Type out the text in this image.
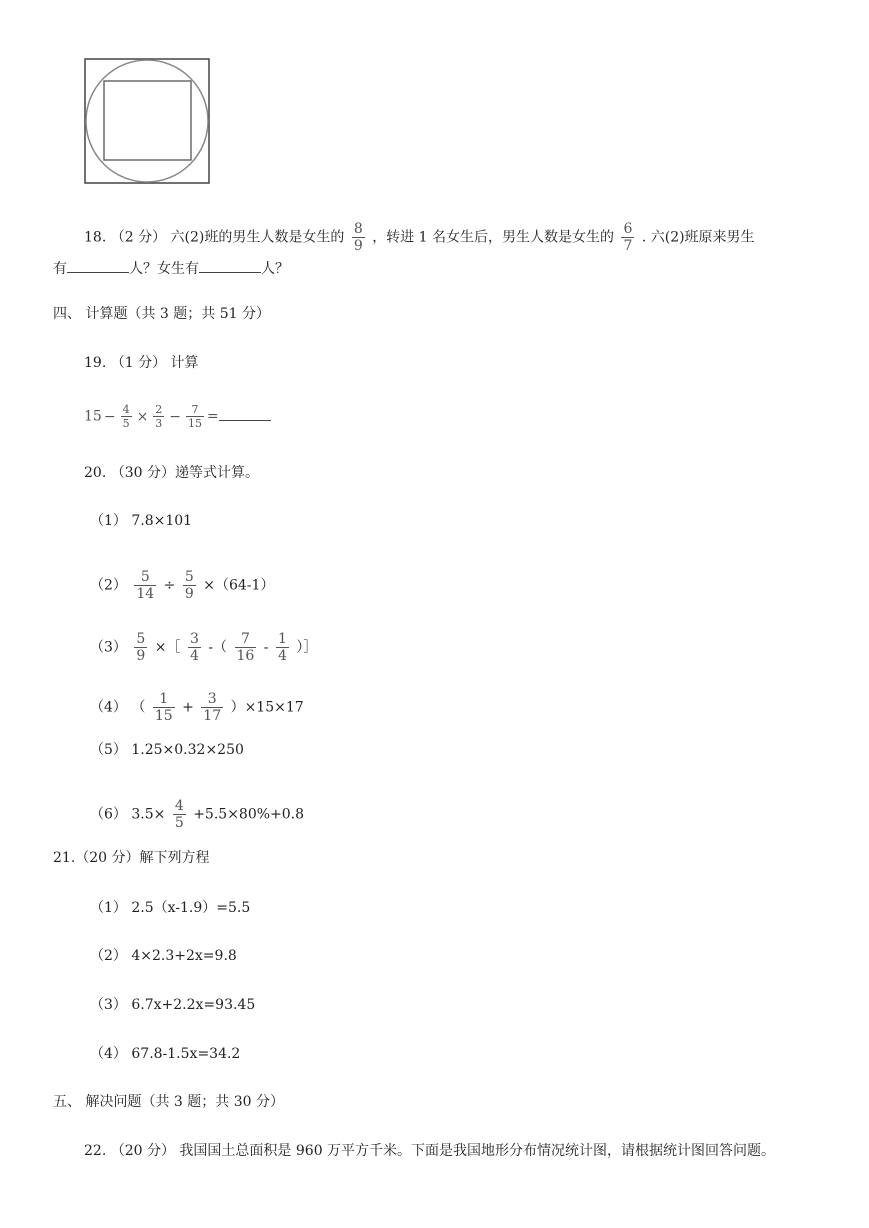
18. （2 分） 六(2)班的男生人数是女生的 $\frac{8}{9}$ ，转进 1 名女生后，男生人数是女生的 $\frac{6}{7}$ . 六(2)班原来男生
有	人？女生有	人？
四、 计算题（共 3 题；共 51 分）
19. （1 分） 计算
$15 - \frac{4}{5} \times \frac{2}{3} - \frac{7}{15}$ =
20. （30 分）递等式计算。
（1） 7.8×101
$(2) \frac{5}{14} \div \frac{5}{9} \times(64-1)$
$(3) \frac{5}{9}$ ×［ $\frac{3}{4}$ -（ $\frac{7}{16} - \frac{1}{4}$ ）］
（4） （ $\frac{1}{15} + \frac{3}{17} )\times 15\times 17$
（5） 1.25×0.32×250
（6） $3.5\times \frac{4}{5} +5.5\times 80\%+0.8$
21.（20 分）解下列方程
（1） 2.5（x-1.9）=5.5
（2） 4×2.3+2x=9.8
（3） 6.7x+2.2x=93.45
（4） 67.8-1.5x=34.2
五、 解决问题（共 3 题；共 30 分）
22. （20 分） 我国国土总面积是 960 万平方千米。下面是我国地形分布情况统计图，请根据统计图回答问题。
